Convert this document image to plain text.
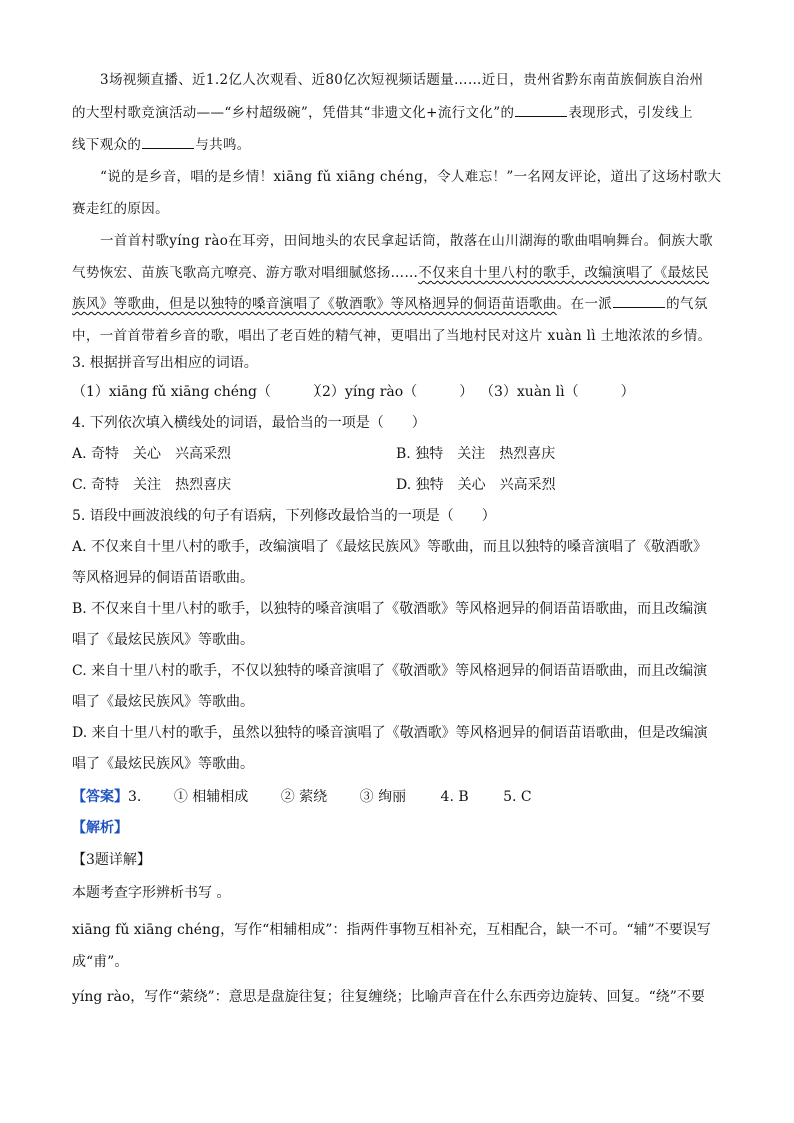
3场视频直播、近1.2亿人次观看、近80亿次短视频话题量……近日，贵州省黔东南苗族侗族自治州
的大型村歌竞演活动——“乡村超级碗”，凭借其“非遗文化+流行文化”的	表现形式，引发线上
线下观众的	与共鸣。
“说的是乡音，唱的是乡情！xiāng fǔ xiāng chéng，令人难忘！”一名网友评论，道出了这场村歌大
赛走红的原因。
一首首村歌yíng rào在耳旁，田间地头的农民拿起话筒，散落在山川湖海的歌曲唱响舞台。侗族大歌
气势恢宏、苗族飞歌高亢嘹亮、游方歌对唱细腻悠扬……不仅来自十里八村的歌手，改编演唱了《最炫民
族风》等歌曲，但是以独特的嗓音演唱了《敬酒歌》等风格迥异的侗语苗语歌曲。在一派	的气氛
中，一首首带着乡音的歌，唱出了老百姓的精气神，更唱出了当地村民对这片 xuàn lì 土地浓浓的乡情。
3. 根据拼音写出相应的词语。
（1）xiāng fǔ xiāng chéng（　　　）
（2）yíng rào（　　　） （3）xuàn lì（　　　）
4. 下列依次填入横线处的词语，最恰当的一项是（　　）
A. 奇特　关心　兴高采烈	B. 独特　关注　热烈喜庆
C. 奇特　关注　热烈喜庆	D. 独特　关心　兴高采烈
5. 语段中画波浪线的句子有语病，下列修改最恰当的一项是（　　）
A. 不仅来自十里八村的歌手，改编演唱了《最炫民族风》等歌曲，而且以独特的嗓音演唱了《敬酒歌》
等风格迥异的侗语苗语歌曲。
B. 不仅来自十里八村的歌手，以独特的嗓音演唱了《敬酒歌》等风格迥异的侗语苗语歌曲，而且改编演
唱了《最炫民族风》等歌曲。
C. 来自十里八村的歌手，不仅以独特的嗓音演唱了《敬酒歌》等风格迥异的侗语苗语歌曲，而且改编演
唱了《最炫民族风》等歌曲。
D. 来自十里八村的歌手，虽然以独特的嗓音演唱了《敬酒歌》等风格迥异的侗语苗语歌曲，但是改编演
唱了《最炫民族风》等歌曲。
【答案】3. ① 相辅相成 ② 萦绕 ③ 绚丽 4. B 5. C
【解析】
【3题详解】
本题考查字形辨析书写 。
xiāng fǔ xiāng chéng，写作“相辅相成”：指两件事物互相补充，互相配合，缺一不可。“辅”不要误写
成“甫”。
yíng rào，写作“萦绕”：意思是盘旋往复；往复缠绕；比喻声音在什么东西旁边旋转、回复。“绕”不要
